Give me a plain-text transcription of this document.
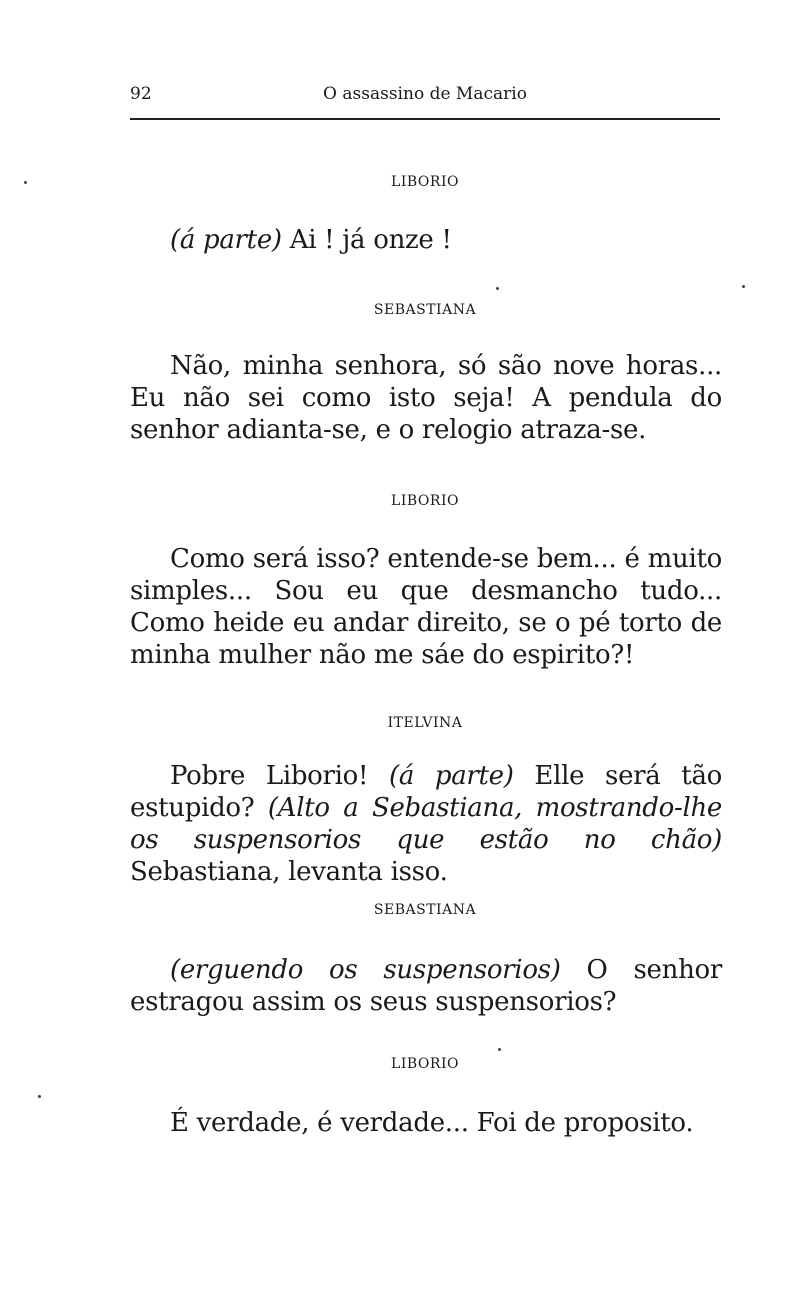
92	O assassino de Macario
LIBORIO
(á parte) Ai ! já onze !
SEBASTIANA
Não, minha senhora, só são nove horas... Eu não sei como isto seja! A pendula do senhor adianta-se, e o relogio atraza-se.
LIBORIO
Como será isso? entende-se bem... é muito simples... Sou eu que desmancho tudo... Como heide eu andar direito, se o pé torto de minha mulher não me sáe do espirito?!
ITELVINA
Pobre Liborio! (á parte) Elle será tão estupido? (Alto a Sebastiana, mostrando-lhe os suspensorios que estão no chão) Sebastiana, levanta isso.
SEBASTIANA
(erguendo os suspensorios) O senhor estragou assim os seus suspensorios?
LIBORIO
É verdade, é verdade... Foi de proposito.
